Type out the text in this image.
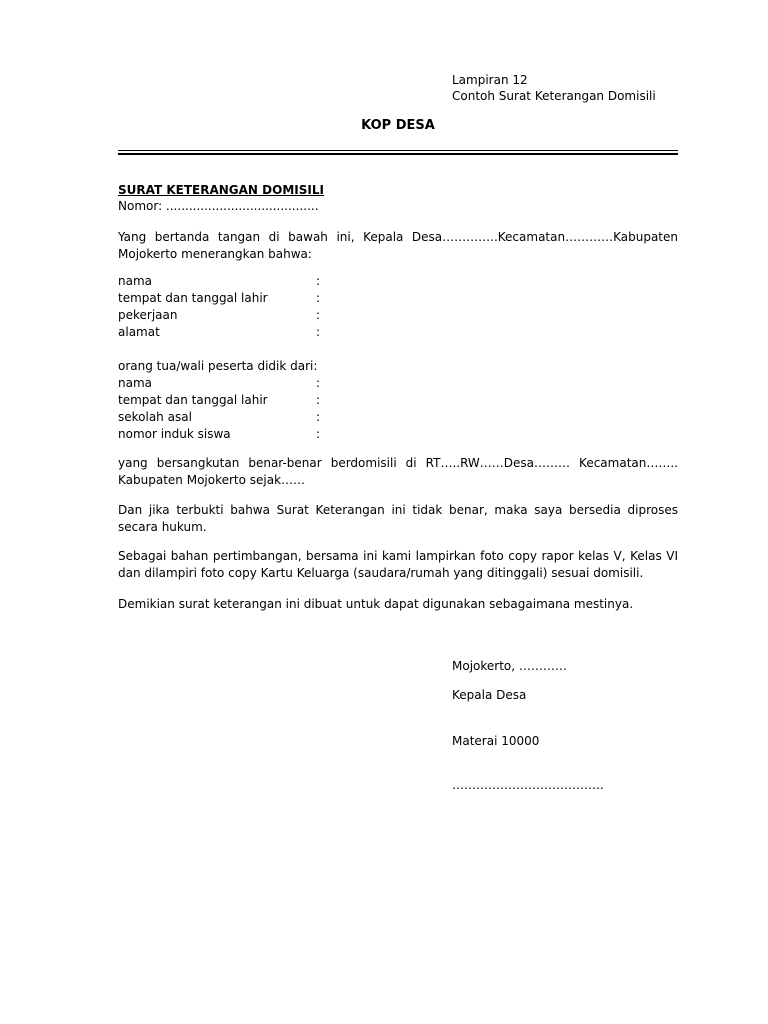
Lampiran 12
Contoh Surat Keterangan Domisili
KOP DESA
SURAT KETERANGAN DOMISILI
Nomor: ........................................
Yang bertanda tangan di bawah ini, Kepala Desa…………..Kecamatan…………Kabupaten Mojokerto menerangkan bahwa:
nama	:
tempat dan tanggal lahir	:
pekerjaan	:
alamat	:
orang tua/wali peserta didik dari:
nama	:
tempat dan tanggal lahir	:
sekolah asal	:
nomor induk siswa	:
yang bersangkutan benar-benar berdomisili di RT…..RW……Desa……… Kecamatan…….. Kabupaten Mojokerto sejak……
Dan jika terbukti bahwa Surat Keterangan ini tidak benar, maka saya bersedia diproses secara hukum.
Sebagai bahan pertimbangan, bersama ini kami lampirkan foto copy rapor kelas V, Kelas VI dan dilampiri foto copy Kartu Keluarga (saudara/rumah yang ditinggali) sesuai domisili.
Demikian surat keterangan ini dibuat untuk dapat digunakan sebagaimana mestinya.
Mojokerto, …………
Kepala Desa
Materai 10000
………………………………..
